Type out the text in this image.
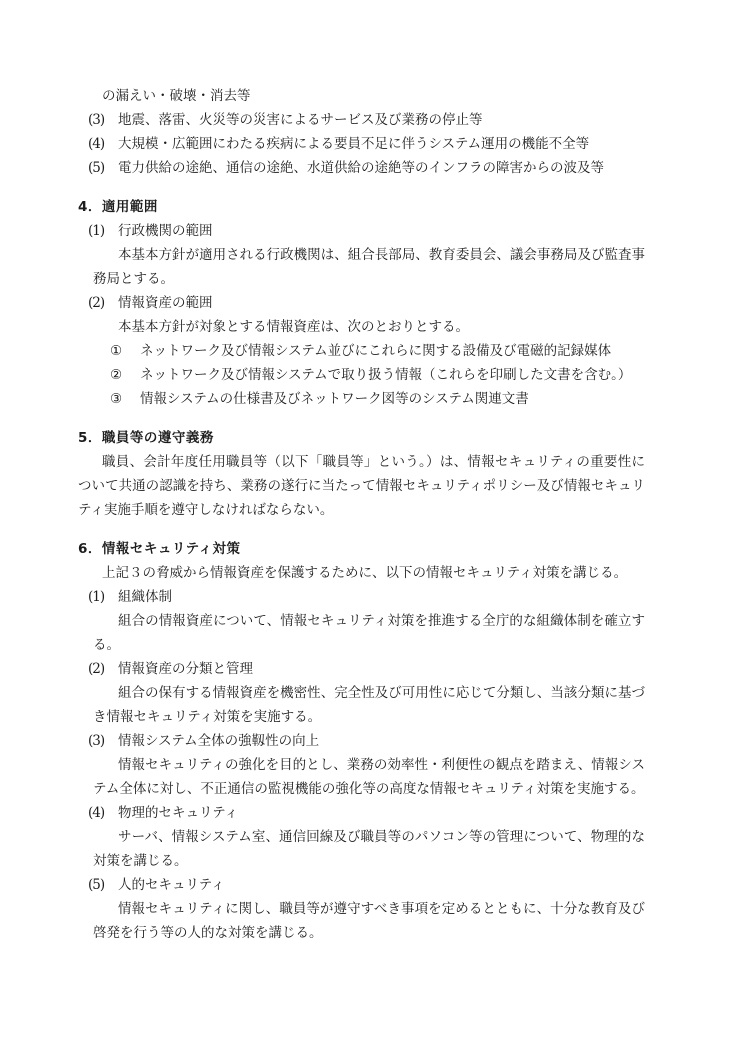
の漏えい・破壊・消去等
(3) 地震、落雷、火災等の災害によるサービス及び業務の停止等
(4) 大規模・広範囲にわたる疾病による要員不足に伴うシステム運用の機能不全等
(5) 電力供給の途絶、通信の途絶、水道供給の途絶等のインフラの障害からの波及等
4．適用範囲
(1) 行政機関の範囲
本基本方針が適用される行政機関は、組合長部局、教育委員会、議会事務局及び監査事務局とする。
(2) 情報資産の範囲
本基本方針が対象とする情報資産は、次のとおりとする。
① ネットワーク及び情報システム並びにこれらに関する設備及び電磁的記録媒体
② ネットワーク及び情報システムで取り扱う情報（これらを印刷した文書を含む。）
③ 情報システムの仕様書及びネットワーク図等のシステム関連文書
5．職員等の遵守義務
職員、会計年度任用職員等（以下「職員等」という。）は、情報セキュリティの重要性について共通の認識を持ち、業務の遂行に当たって情報セキュリティポリシー及び情報セキュリティ実施手順を遵守しなければならない。
6．情報セキュリティ対策
上記３の脅威から情報資産を保護するために、以下の情報セキュリティ対策を講じる。
(1) 組織体制
組合の情報資産について、情報セキュリティ対策を推進する全庁的な組織体制を確立する。
(2) 情報資産の分類と管理
組合の保有する情報資産を機密性、完全性及び可用性に応じて分類し、当該分類に基づき情報セキュリティ対策を実施する。
(3) 情報システム全体の強靱性の向上
情報セキュリティの強化を目的とし、業務の効率性・利便性の観点を踏まえ、情報システム全体に対し、不正通信の監視機能の強化等の高度な情報セキュリティ対策を実施する。
(4) 物理的セキュリティ
サーバ、情報システム室、通信回線及び職員等のパソコン等の管理について、物理的な対策を講じる。
(5) 人的セキュリティ
情報セキュリティに関し、職員等が遵守すべき事項を定めるとともに、十分な教育及び啓発を行う等の人的な対策を講じる。
